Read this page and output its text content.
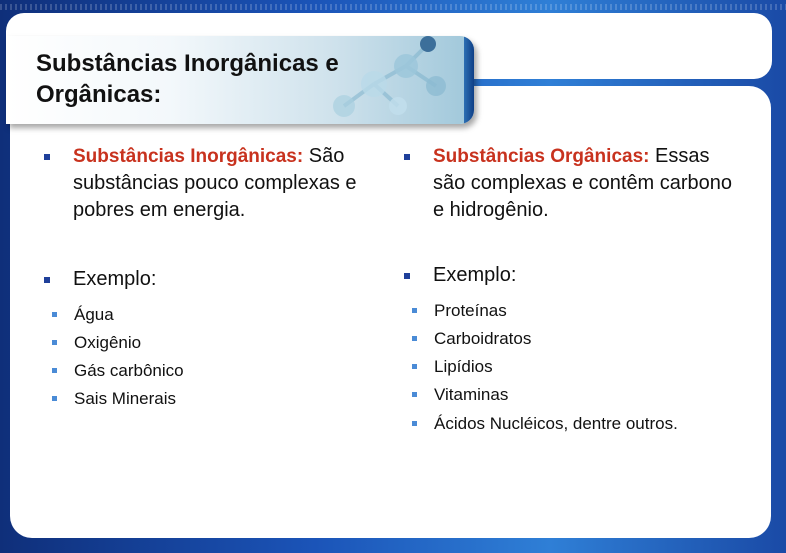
Substâncias Inorgânicas e
Orgânicas:
Substâncias Inorgânicas: São substâncias pouco complexas e pobres em energia.
Exemplo:
Água
Oxigênio
Gás carbônico
Sais Minerais
Substâncias Orgânicas: Essas são complexas e contêm carbono e hidrogênio.
Exemplo:
Proteínas
Carboidratos
Lipídios
Vitaminas
Ácidos Nucléicos, dentre outros.
